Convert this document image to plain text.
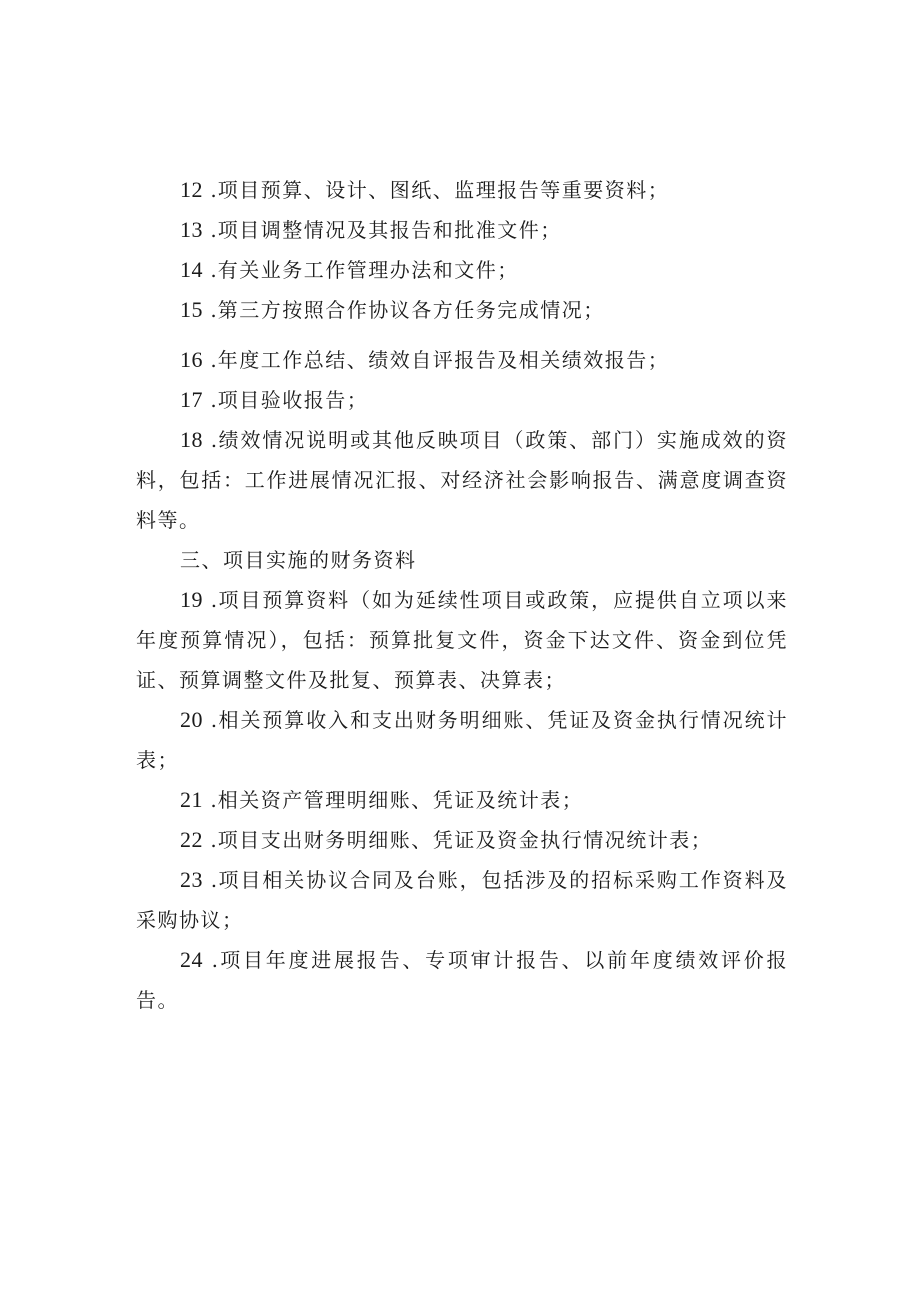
12 .项目预算、设计、图纸、监理报告等重要资料；

13 .项目调整情况及其报告和批准文件；

14 .有关业务工作管理办法和文件；

15 .第三方按照合作协议各方任务完成情况；

16 .年度工作总结、绩效自评报告及相关绩效报告；

17 .项目验收报告；

18 .绩效情况说明或其他反映项目（政策、部门）实施成效的资料，包括：工作进展情况汇报、对经济社会影响报告、满意度调查资料等。

三、项目实施的财务资料

19 .项目预算资料（如为延续性项目或政策，应提供自立项以来年度预算情况），包括：预算批复文件，资金下达文件、资金到位凭证、预算调整文件及批复、预算表、决算表；

20 .相关预算收入和支出财务明细账、凭证及资金执行情况统计表；

21 .相关资产管理明细账、凭证及统计表；

22 .项目支出财务明细账、凭证及资金执行情况统计表；

23 .项目相关协议合同及台账，包括涉及的招标采购工作资料及采购协议；

24 .项目年度进展报告、专项审计报告、以前年度绩效评价报告。
